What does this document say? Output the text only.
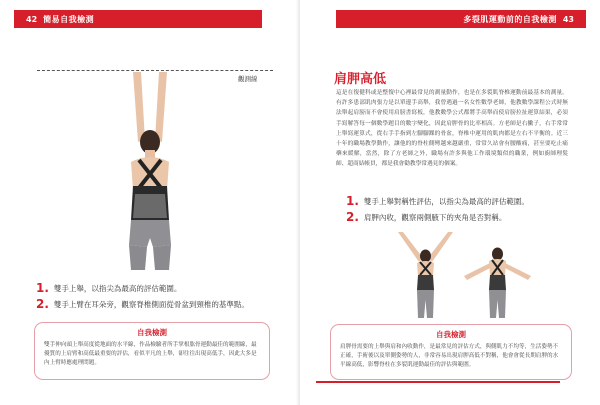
42 簡易自我檢測
觀測線
1. 雙手上舉，以指尖為最高的評估範圍。
2. 雙手上臂在耳朵旁，觀察脊椎側面從骨盆到頸椎的基準點。
自我檢測
雙手伸向頭上舉高度從地面的水平線，作品檢驗者所手掌根肱骨運動最佳的範圍線，最優質的上肩臂和高低最重要的評估，看似平凡的上舉，卻往往出現高低手，因此大多是內上臂時應處理問題。
多裂肌運動前的自我檢測 43
肩胛高低
這是在復健科或是整復中心裡最常見的測量動作，也是在多裂肌脊椎運動前最基本的測量。有許多患部肌肉張力是以單邊手高舉，我曾遇過一名女性數學老師，他教數學課程公式時無法舉起肩膀而不會使用肩膀書寫板，他教數學公式都將手高舉而使肩膀拉扯運算結果，必須手寫解答每一個數學題目的數字變化，因此肩胛骨的比率相高。方老師是右撇子，右手常常上舉寫運算式，從右手手指到左腳腳踝的骨盆，脊椎中運用的肌肉都是左右不平衡的。近三十年的職場教學動作，讓他的的脊柱側彎越來越嚴重，常常久站會有腰酸痛，甚至要吃止痛藥來緩解，當然，除了方老師之外，職場有許多與他工作環境類似的職業，例如廚師理髮師、超商結帳員，都是我會勸教學常遇見的個案。
1. 雙手上舉對稱性評估，以指尖為最高的評估範圍。
2. 肩胛內收，觀察兩側腋下的夾角是否對稱。
自我檢測
肩胛骨需要的上舉與肩和內收動作，是最常見的評估方式，與側肌力不均等，生活姿勢不正確，手術後以及單側姿勢的人，非常容易出現肩胛高低不對稱，他會會從長期肩胛的水平線高低，影響脊柱在多裂肌運動最佳的評估與範圍。
